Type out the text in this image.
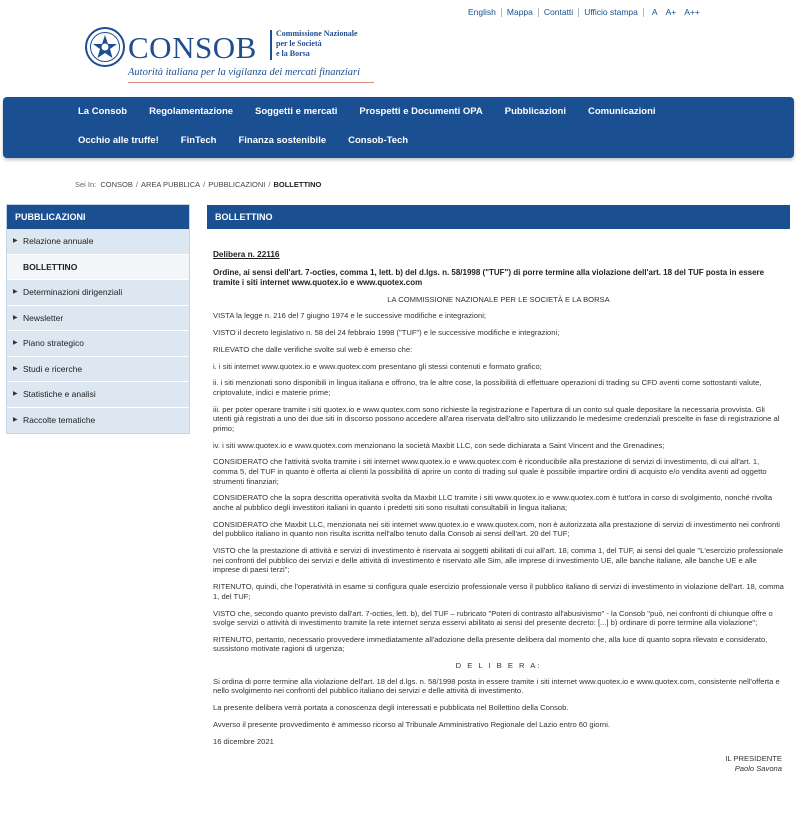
English Mappa Contatti Ufficio stampa A A+ A++
CONSOB Commissione Nazionale
per le Società
e la Borsa
Autorità italiana per la vigilanza dei mercati finanziari
La Consob	Regolamentazione	Soggetti e mercati	Prospetti e Documenti OPA	Pubblicazioni	Comunicazioni
Occhio alle truffe!	FinTech	Finanza sostenibile	Consob-Tech
Sei In: CONSOB / AREA PUBBLICA / PUBBLICAZIONI / BOLLETTINO
PUBBLICAZIONI
▶ Relazione annuale
BOLLETTINO
▶ Determinazioni dirigenziali
▶ Newsletter
▶ Piano strategico
▶ Studi e ricerche
▶ Statistiche e analisi
▶ Raccolte tematiche
BOLLETTINO

Delibera n. 22116

Ordine, ai sensi dell'art. 7-octies, comma 1, lett. b) del d.lgs. n. 58/1998 ("TUF") di porre termine alla violazione dell'art. 18 del TUF posta in essere tramite i siti internet www.quotex.io e www.quotex.com

LA COMMISSIONE NAZIONALE PER LE SOCIETÀ E LA BORSA

VISTA la legge n. 216 del 7 giugno 1974 e le successive modifiche e integrazioni;

VISTO il decreto legislativo n. 58 del 24 febbraio 1998 ("TUF") e le successive modifiche e integrazioni;

RILEVATO che dalle verifiche svolte sul web è emerso che:

i. i siti internet www.quotex.io e www.quotex.com presentano gli stessi contenuti e formato grafico;

ii. i siti menzionati sono disponibili in lingua italiana e offrono, tra le altre cose, la possibilità di effettuare operazioni di trading su CFD aventi come sottostanti valute, criptovalute, indici e materie prime;

iii. per poter operare tramite i siti quotex.io e www.quotex.com sono richieste la registrazione e l'apertura di un conto sul quale depositare la necessaria provvista. Gli utenti già registrati a uno dei due siti in discorso possono accedere all'area riservata dell'altro sito utilizzando le medesime credenziali prescelte in fase di registrazione al primo;

iv. i siti www.quotex.io e www.quotex.com menzionano la società Maxbit LLC, con sede dichiarata a Saint Vincent and the Grenadines;

CONSIDERATO che l'attività svolta tramite i siti internet www.quotex.io e www.quotex.com è riconducibile alla prestazione di servizi di investimento, di cui all'art. 1, comma 5, del TUF in quanto è offerta ai clienti la possibilità di aprire un conto di trading sul quale è possibile impartire ordini di acquisto e/o vendita aventi ad oggetto strumenti finanziari;

CONSIDERATO che la sopra descritta operatività svolta da Maxbit LLC tramite i siti www.quotex.io e www.quotex.com è tutt'ora in corso di svolgimento, nonché rivolta anche al pubblico degli investitori italiani in quanto i predetti siti sono risultati consultabili in lingua italiana;

CONSIDERATO che Maxbit LLC, menzionata nei siti internet www.quotex.io e www.quotex.com, non è autorizzata alla prestazione di servizi di investimento nei confronti del pubblico italiano in quanto non risulta iscritta nell'albo tenuto dalla Consob ai sensi dell'art. 20 del TUF;

VISTO che la prestazione di attività e servizi di investimento è riservata ai soggetti abilitati di cui all'art. 18, comma 1, del TUF, ai sensi del quale "L'esercizio professionale nei confronti del pubblico dei servizi e delle attività di investimento è riservato alle Sim, alle imprese di investimento UE, alle banche italiane, alle banche UE e alle imprese di paesi terzi";

RITENUTO, quindi, che l'operatività in esame si configura quale esercizio professionale verso il pubblico italiano di servizi di investimento in violazione dell'art. 18, comma 1, del TUF;

VISTO che, secondo quanto previsto dall'art. 7-octies, lett. b), del TUF – rubricato "Poteri di contrasto all'abusivismo" - la Consob "può, nei confronti di chiunque offre o svolge servizi o attività di investimento tramite la rete internet senza esservi abilitato ai sensi del presente decreto: [...] b) ordinare di porre termine alla violazione";

RITENUTO, pertanto, necessario provvedere immediatamente all'adozione della presente delibera dal momento che, alla luce di quanto sopra rilevato e considerato, sussistono motivate ragioni di urgenza;

D E L I B E R A:

Si ordina di porre termine alla violazione dell'art. 18 del d.lgs. n. 58/1998 posta in essere tramite i siti internet www.quotex.io e www.quotex.com, consistente nell'offerta e nello svolgimento nei confronti del pubblico italiano dei servizi e delle attività di investimento.

La presente delibera verrà portata a conoscenza degli interessati e pubblicata nel Bollettino della Consob.

Avverso il presente provvedimento è ammesso ricorso al Tribunale Amministrativo Regionale del Lazio entro 60 giorni.

16 dicembre 2021

IL PRESIDENTE
Paolo Savona
